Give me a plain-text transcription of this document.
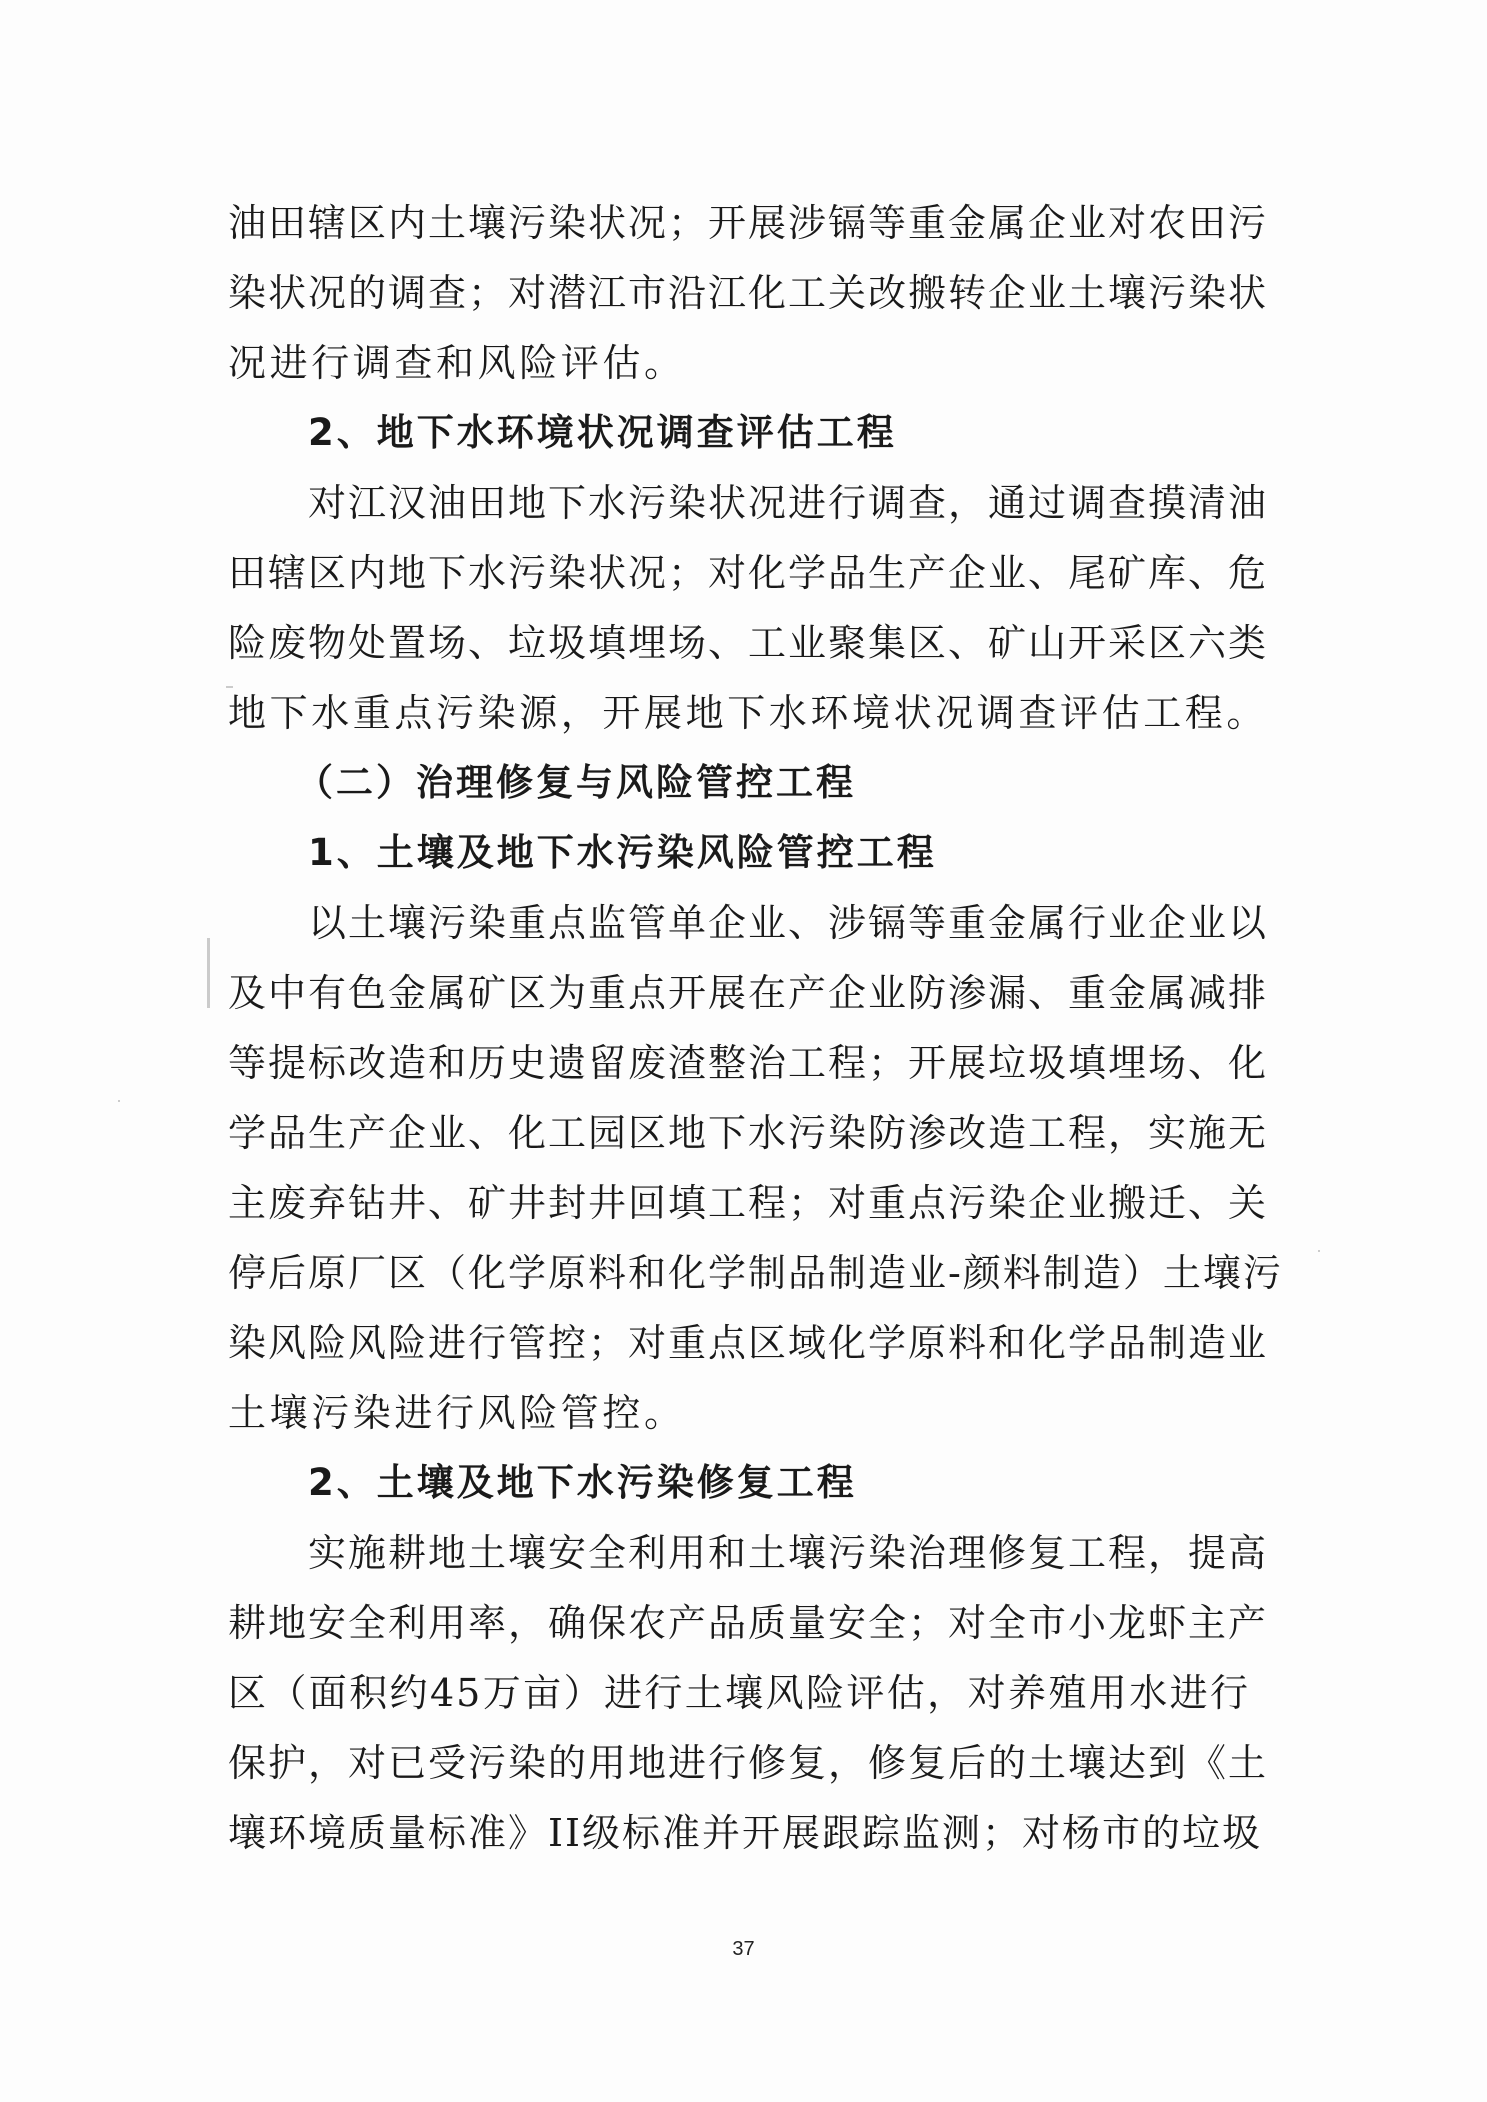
油田辖区内土壤污染状况；开展涉镉等重金属企业对农田污
染状况的调查；对潜江市沿江化工关改搬转企业土壤污染状
况进行调查和风险评估。
2、地下水环境状况调查评估工程
对江汉油田地下水污染状况进行调查，通过调查摸清油
田辖区内地下水污染状况；对化学品生产企业、尾矿库、危
险废物处置场、垃圾填埋场、工业聚集区、矿山开采区六类
地下水重点污染源，开展地下水环境状况调查评估工程。
（二）治理修复与风险管控工程
1、土壤及地下水污染风险管控工程
以土壤污染重点监管单企业、涉镉等重金属行业企业以
及中有色金属矿区为重点开展在产企业防渗漏、重金属减排
等提标改造和历史遗留废渣整治工程；开展垃圾填埋场、化
学品生产企业、化工园区地下水污染防渗改造工程，实施无
主废弃钻井、矿井封井回填工程；对重点污染企业搬迁、关
停后原厂区（化学原料和化学制品制造业-颜料制造）土壤污
染风险风险进行管控；对重点区域化学原料和化学品制造业
土壤污染进行风险管控。
2、土壤及地下水污染修复工程
实施耕地土壤安全利用和土壤污染治理修复工程，提高
耕地安全利用率，确保农产品质量安全；对全市小龙虾主产
区（面积约45万亩）进行土壤风险评估，对养殖用水进行
保护，对已受污染的用地进行修复，修复后的土壤达到《土
壤环境质量标准》II级标准并开展跟踪监测；对杨市的垃圾
37
